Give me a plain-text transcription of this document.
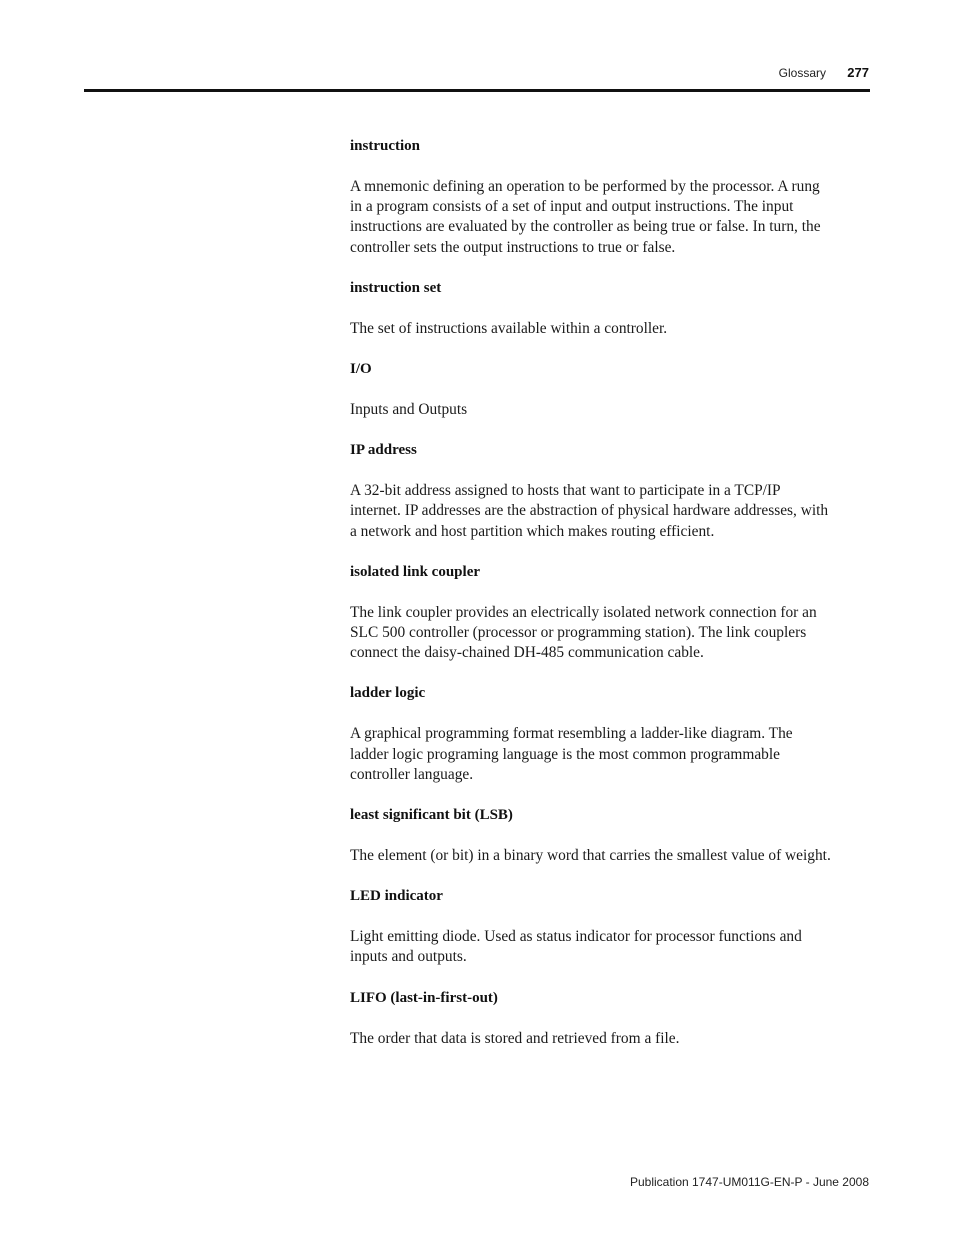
Glossary 277

instruction

A mnemonic defining an operation to be performed by the processor. A rung in a program consists of a set of input and output instructions. The input instructions are evaluated by the controller as being true or false. In turn, the controller sets the output instructions to true or false.

instruction set

The set of instructions available within a controller.

I/O

Inputs and Outputs

IP address

A 32-bit address assigned to hosts that want to participate in a TCP/IP internet. IP addresses are the abstraction of physical hardware addresses, with a network and host partition which makes routing efficient.

isolated link coupler

The link coupler provides an electrically isolated network connection for an SLC 500 controller (processor or programming station). The link couplers connect the daisy-chained DH-485 communication cable.

ladder logic

A graphical programming format resembling a ladder-like diagram. The ladder logic programing language is the most common programmable controller language.

least significant bit (LSB)

The element (or bit) in a binary word that carries the smallest value of weight.

LED indicator

Light emitting diode. Used as status indicator for processor functions and inputs and outputs.

LIFO (last-in-first-out)

The order that data is stored and retrieved from a file.

Publication 1747-UM011G-EN-P - June 2008
